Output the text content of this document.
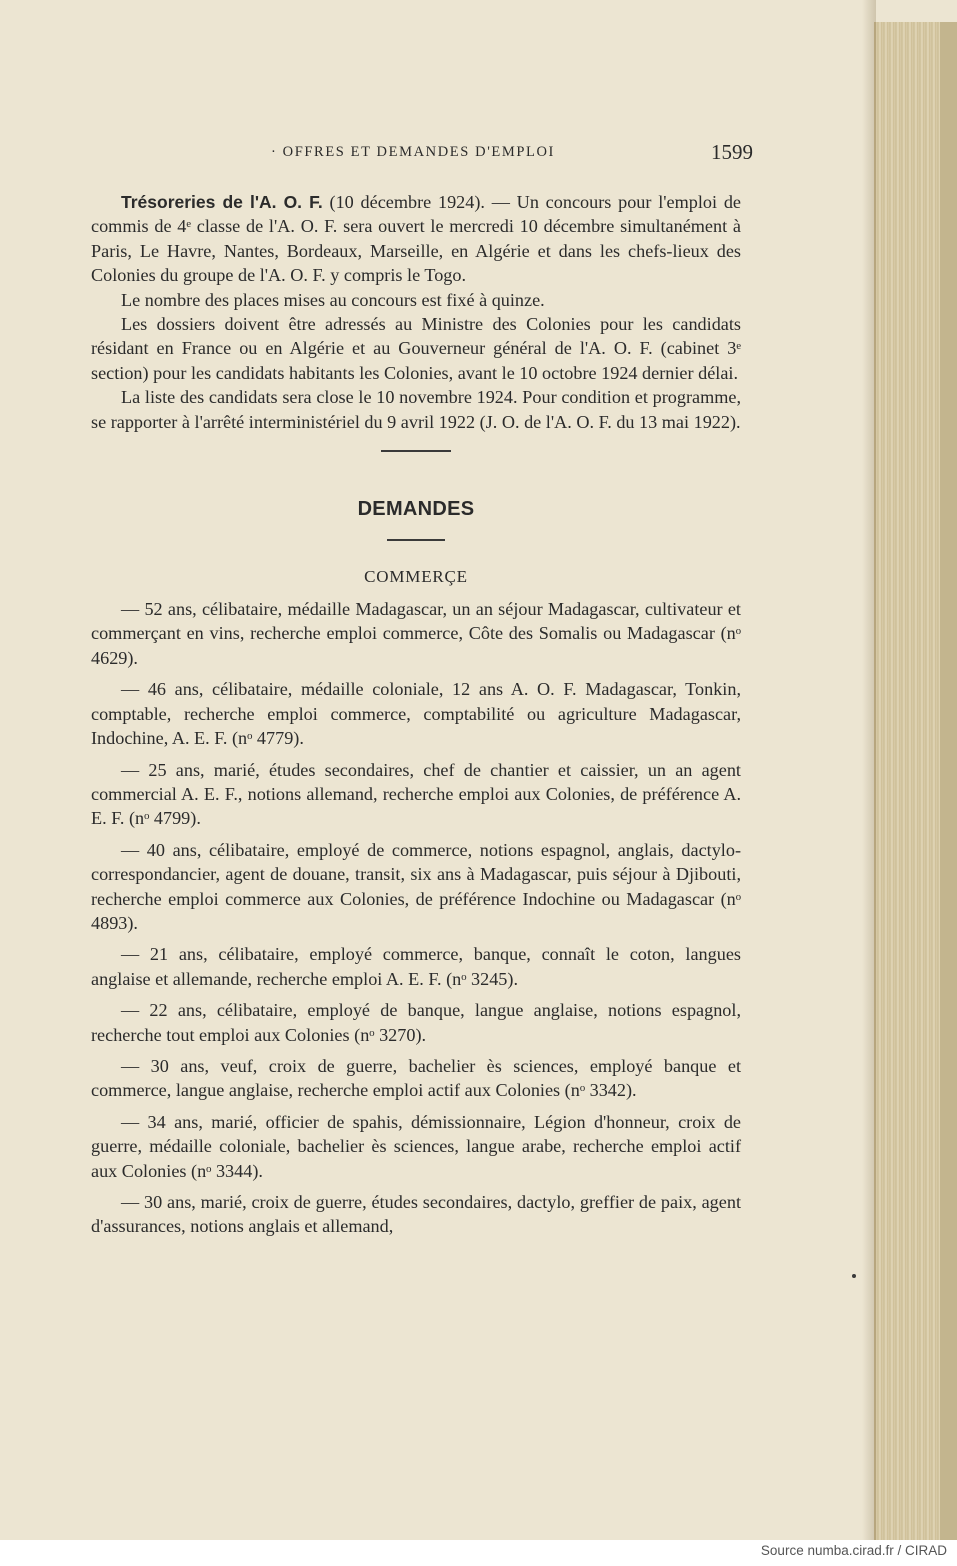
· OFFRES ET DEMANDES D'EMPLOI	1599

Trésoreries de l'A. O. F. (10 décembre 1924). — Un concours pour l'emploi de commis de 4ᵉ classe de l'A. O. F. sera ouvert le mercredi 10 décembre simultanément à Paris, Le Havre, Nantes, Bordeaux, Marseille, en Algérie et dans les chefs-lieux des Colonies du groupe de l'A. O. F. y compris le Togo.

Le nombre des places mises au concours est fixé à quinze.

Les dossiers doivent être adressés au Ministre des Colonies pour les candidats résidant en France ou en Algérie et au Gouverneur général de l'A. O. F. (cabinet 3ᵉ section) pour les candidats habitants les Colonies, avant le 10 octobre 1924 dernier délai.

La liste des candidats sera close le 10 novembre 1924. Pour condition et programme, se rapporter à l'arrêté interministériel du 9 avril 1922 (J. O. de l'A. O. F. du 13 mai 1922).

DEMANDES

COMMERÇE

— 52 ans, célibataire, médaille Madagascar, un an séjour Madagascar, cultivateur et commerçant en vins, recherche emploi commerce, Côte des Somalis ou Madagascar (nᵒ 4629).

— 46 ans, célibataire, médaille coloniale, 12 ans A. O. F. Madagascar, Tonkin, comptable, recherche emploi commerce, comptabilité ou agriculture Madagascar, Indochine, A. E. F. (nᵒ 4779).

— 25 ans, marié, études secondaires, chef de chantier et caissier, un an agent commercial A. E. F., notions allemand, recherche emploi aux Colonies, de préférence A. E. F. (nᵒ 4799).

— 40 ans, célibataire, employé de commerce, notions espagnol, anglais, dactylo-correspondancier, agent de douane, transit, six ans à Madagascar, puis séjour à Djibouti, recherche emploi commerce aux Colonies, de préférence Indochine ou Madagascar (nᵒ 4893).

— 21 ans, célibataire, employé commerce, banque, connaît le coton, langues anglaise et allemande, recherche emploi A. E. F. (nᵒ 3245).

— 22 ans, célibataire, employé de banque, langue anglaise, notions espagnol, recherche tout emploi aux Colonies (nᵒ 3270).

— 30 ans, veuf, croix de guerre, bachelier ès sciences, employé banque et commerce, langue anglaise, recherche emploi actif aux Colonies (nᵒ 3342).

— 34 ans, marié, officier de spahis, démissionnaire, Légion d'honneur, croix de guerre, médaille coloniale, bachelier ès sciences, langue arabe, recherche emploi actif aux Colonies (nᵒ 3344).

— 30 ans, marié, croix de guerre, études secondaires, dactylo, greffier de paix, agent d'assurances, notions anglais et allemand,

Source numba.cirad.fr / CIRAD
